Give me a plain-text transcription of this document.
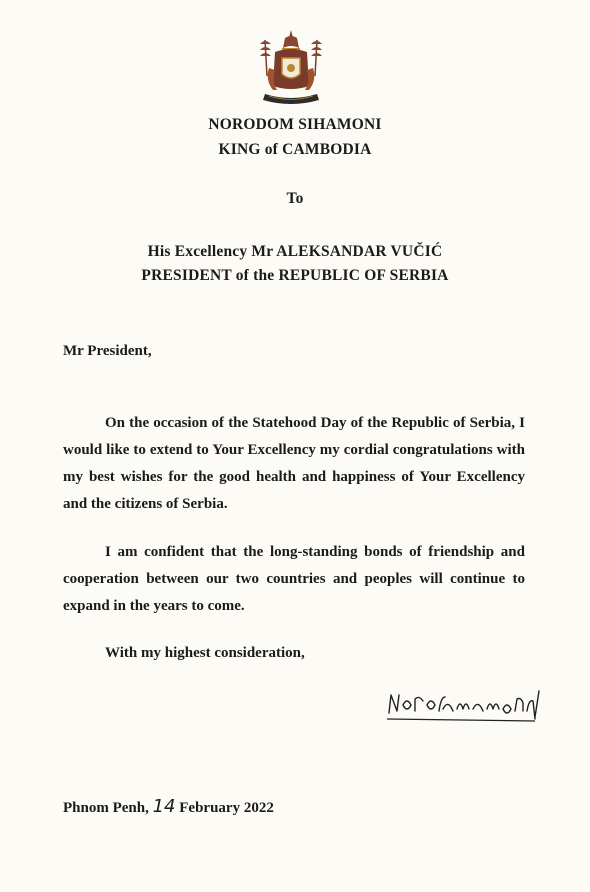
NORODOM SIHAMONI
KING of CAMBODIA
To
His Excellency Mr ALEKSANDAR VUČIĆ
PRESIDENT of the REPUBLIC OF SERBIA
Mr President,
On the occasion of the Statehood Day of the Republic of Serbia, I would like to extend to Your Excellency my cordial congratulations with my best wishes for the good health and happiness of Your Excellency and the citizens of Serbia.
I am confident that the long-standing bonds of friendship and cooperation between our two countries and peoples will continue to expand in the years to come.
With my highest consideration,
Phnom Penh, 14 February 2022
